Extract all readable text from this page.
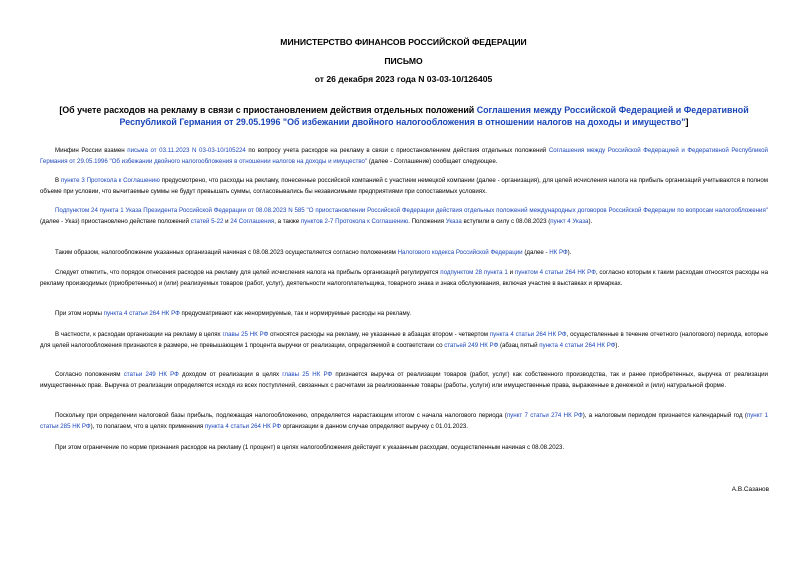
МИНИСТЕРСТВО ФИНАНСОВ РОССИЙСКОЙ ФЕДЕРАЦИИ
ПИСЬМО
от 26 декабря 2023 года N 03-03-10/126405
[Об учете расходов на рекламу в связи с приостановлением действия отдельных положений Соглашения между Российской Федерацией и Федеративной Республикой Германия от 29.05.1996 "Об избежании двойного налогообложения в отношении налогов на доходы и имущество"]

Минфин России взамен письма от 03.11.2023 N 03-03-10/105224 по вопросу учета расходов на рекламу в связи с приостановлением действия отдельных положений Соглашения между Российской Федерацией и Федеративной Республикой Германия от 29.05.1996 "Об избежании двойного налогообложения в отношении налогов на доходы и имущество" (далее - Соглашение) сообщает следующее.

В пункте 3 Протокола к Соглашению предусмотрено, что расходы на рекламу, понесенные российской компанией с участием немецкой компании (далее - организация), для целей исчисления налога на прибыль организаций учитываются в полном объеме при условии, что вычитаемые суммы не будут превышать суммы, согласовывались бы независимыми предприятиями при сопоставимых условиях.

Подпунктом 24 пункта 1 Указа Президента Российской Федерации от 08.08.2023 N 585 "О приостановлении Российской Федерации действия отдельных положений международных договоров Российской Федерации по вопросам налогообложения" (далее - Указ) приостановлено действие положений статей 5-22 и 24 Соглашения, а также пунктов 2-7 Протокола к Соглашению. Положения Указа вступили в силу с 08.08.2023 (пункт 4 Указа).

Таким образом, налогообложение указанных организаций начиная с 08.08.2023 осуществляется согласно положениям Налогового кодекса Российской Федерации (далее - НК РФ).

Следует отметить, что порядок отнесения расходов на рекламу для целей исчисления налога на прибыль организаций регулируется подпунктом 28 пункта 1 и пунктом 4 статьи 264 НК РФ, согласно которым к таким расходам относятся расходы на рекламу производимых (приобретенных) и (или) реализуемых товаров (работ, услуг), деятельности налогоплательщика, товарного знака и знака обслуживания, включая участие в выставках и ярмарках.

При этом нормы пункта 4 статьи 264 НК РФ предусматривают как ненормируемые, так и нормируемые расходы на рекламу.

В частности, к расходам организации на рекламу в целях главы 25 НК РФ относятся расходы на рекламу, не указанные в абзацах втором - четвертом пункта 4 статьи 264 НК РФ, осуществленные в течение отчетного (налогового) периода, которые для целей налогообложения признаются в размере, не превышающем 1 процента выручки от реализации, определяемой в соответствии со статьей 249 НК РФ (абзац пятый пункта 4 статьи 264 НК РФ).

Согласно положениям статьи 249 НК РФ доходом от реализации в целях главы 25 НК РФ признается выручка от реализации товаров (работ, услуг) как собственного производства, так и ранее приобретенных, выручка от реализации имущественных прав. Выручка от реализации определяется исходя из всех поступлений, связанных с расчетами за реализованные товары (работы, услуги) или имущественные права, выраженные в денежной и (или) натуральной форме.

Поскольку при определении налоговой базы прибыль, подлежащая налогообложению, определяется нарастающим итогом с начала налогового периода (пункт 7 статьи 274 НК РФ), а налоговым периодом признается календарный год (пункт 1 статьи 285 НК РФ), то полагаем, что в целях применения пункта 4 статьи 264 НК РФ организации в данном случае определяют выручку с 01.01.2023.

При этом ограничение по норме признания расходов на рекламу (1 процент) в целях налогообложения действует к указанным расходам, осуществленным начиная с 08.08.2023.

А.В.Сазанов
